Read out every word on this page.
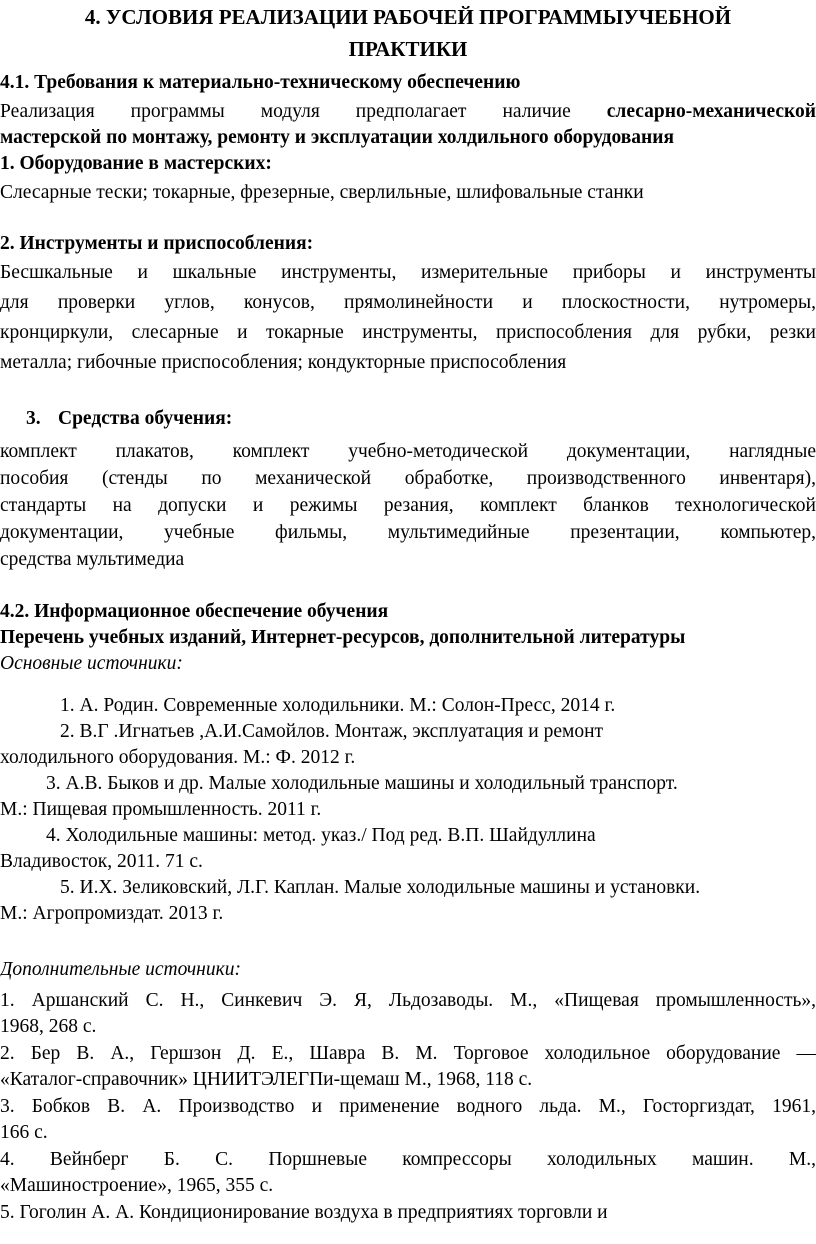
4. УСЛОВИЯ РЕАЛИЗАЦИИ РАБОЧЕЙ ПРОГРАММЫУЧЕБНОЙ
ПРАКТИКИ
4.1. Требования к материально-техническому обеспечению
Реализация программы модуля предполагает наличие слесарно-механической
мастерской по монтажу, ремонту и эксплуатации холдильного оборудования
1. Оборудование в мастерских:
Слесарные тески; токарные, фрезерные, сверлильные, шлифовальные станки
2. Инструменты и приспособления:
Бесшкальные и шкальные инструменты, измерительные приборы и инструменты
для проверки углов, конусов, прямолинейности и плоскостности, нутромеры,
кронциркули, слесарные и токарные инструменты, приспособления для рубки, резки
металла; гибочные приспособления; кондукторные приспособления
3. Средства обучения:
комплект плакатов, комплект учебно-методической документации, наглядные
пособия (стенды по механической обработке, производственного инвентаря),
стандарты на допуски и режимы резания, комплект бланков технологической
документации, учебные фильмы, мультимедийные презентации, компьютер,
средства мультимедиа
4.2. Информационное обеспечение обучения
Перечень учебных изданий, Интернет-ресурсов, дополнительной литературы
Основные источники:
1. А. Родин. Современные холодильники. М.: Солон-Пресс, 2014 г.
2. В.Г .Игнатьев ,А.И.Самойлов. Монтаж, эксплуатация и ремонт
холодильного оборудования. М.: Ф. 2012 г.
3. А.В. Быков и др. Малые холодильные машины и холодильный транспорт.
М.: Пищевая промышленность. 2011 г.
4. Холодильные машины: метод. указ./ Под ред. В.П. Шайдуллина
Владивосток, 2011. 71 с.
5. И.Х. Зеликовский, Л.Г. Каплан. Малые холодильные машины и установки.
М.: Агропромиздат. 2013 г.
Дополнительные источники:
1. Аршанский С. Н., Синкевич Э. Я, Льдозаводы. М., «Пищевая промышленность»,
1968, 268 с.
2. Бер В. А., Гершзон Д. Е., Шавра В. М. Торговое холодильное оборудование —
«Каталог-справочник» ЦНИИТЭЛЕГПи-щемаш М., 1968, 118 с.
3. Бобков В. А. Производство и применение водного льда. М., Госторгиздат, 1961,
166 с.
4. Вейнберг Б. С. Поршневые компрессоры холодильных машин. М.,
«Машиностроение», 1965, 355 с.
5. Гоголин А. А. Кондиционирование воздуха в предприятиях торговли и
